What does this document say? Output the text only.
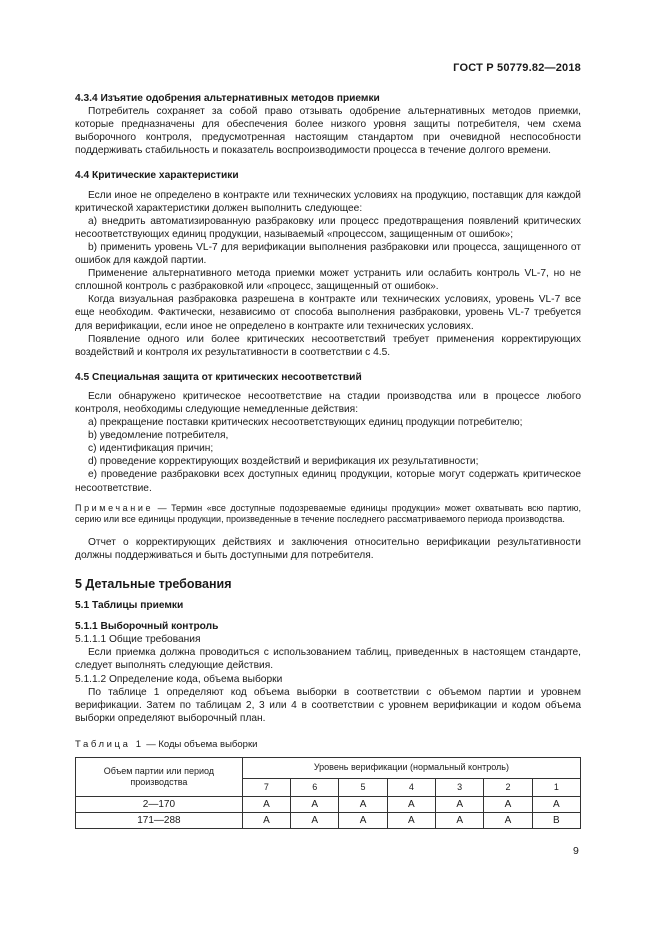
ГОСТ Р 50779.82—2018

4.3.4 Изъятие одобрения альтернативных методов приемки

Потребитель сохраняет за собой право отзывать одобрение альтернативных методов приемки, которые предназначены для обеспечения более низкого уровня защиты потребителя, чем схема выборочного контроля, предусмотренная настоящим стандартом при очевидной неспособности поддерживать стабильность и показатель воспроизводимости процесса в течение долгого времени.

4.4 Критические характеристики

Если иное не определено в контракте или технических условиях на продукцию, поставщик для каждой критической характеристики должен выполнить следующее:

а) внедрить автоматизированную разбраковку или процесс предотвращения появлений критических несоответствующих единиц продукции, называемый «процессом, защищенным от ошибок»;

b) применить уровень VL-7 для верификации выполнения разбраковки или процесса, защищенного от ошибок для каждой партии.

Применение альтернативного метода приемки может устранить или ослабить контроль VL-7, но не сплошной контроль с разбраковкой или «процесс, защищенный от ошибок».

Когда визуальная разбраковка разрешена в контракте или технических условиях, уровень VL-7 все еще необходим. Фактически, независимо от способа выполнения разбраковки, уровень VL-7 требуется для верификации, если иное не определено в контракте или технических условиях.

Появление одного или более критических несоответствий требует применения корректирующих воздействий и контроля их результативности в соответствии с 4.5.

4.5 Специальная защита от критических несоответствий

Если обнаружено критическое несоответствие на стадии производства или в процессе любого контроля, необходимы следующие немедленные действия:

а) прекращение поставки критических несоответствующих единиц продукции потребителю;

b) уведомление потребителя,

c) идентификация причин;

d) проведение корректирующих воздействий и верификация их результативности;

e) проведение разбраковки всех доступных единиц продукции, которые могут содержать критическое несоответствие.

Примечание — Термин «все доступные подозреваемые единицы продукции» может охватывать всю партию, серию или все единицы продукции, произведенные в течение последнего рассматриваемого периода производства.

Отчет о корректирующих действиях и заключения относительно верификации результативности должны поддерживаться и быть доступными для потребителя.

5 Детальные требования

5.1 Таблицы приемки

5.1.1 Выборочный контроль

5.1.1.1 Общие требования

Если приемка должна проводиться с использованием таблиц, приведенных в настоящем стандарте, следует выполнять следующие действия.

5.1.1.2 Определение кода, объема выборки

По таблице 1 определяют код объема выборки в соответствии с объемом партии и уровнем верификации. Затем по таблицам 2, 3 или 4 в соответствии с уровнем верификации и кодом объема выборки определяют выборочный план.

Таблица 1 — Коды объема выборки

Объем партии или период производства	Уровень верификации (нормальный контроль)						
	7	6	5	4	3	2	1
2—170	A	A	A	A	A	A	A
171—288	A	A	A	A	A	A	B
9
